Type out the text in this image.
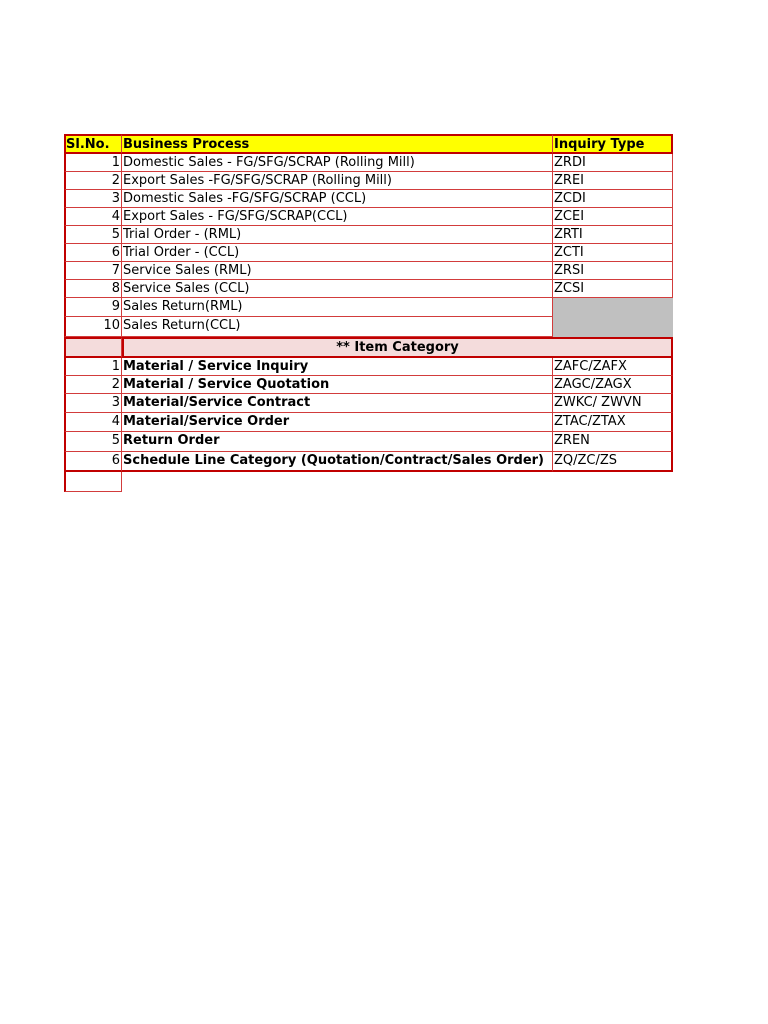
Sl.No.	Business Process	Inquiry Type
1 Domestic Sales - FG/SFG/SCRAP (Rolling Mill)	ZRDI
2 Export Sales -FG/SFG/SCRAP (Rolling Mill)	ZREI
3 Domestic Sales -FG/SFG/SCRAP (CCL)	ZCDI
4 Export Sales - FG/SFG/SCRAP(CCL)	ZCEI
5 Trial Order - (RML)	ZRTI
6 Trial Order - (CCL)	ZCTI
7 Service Sales (RML)	ZRSI
8 Service Sales (CCL)	ZCSI
9 Sales Return(RML)
10 Sales Return(CCL)
** Item Category
1 Material / Service Inquiry	ZAFC/ZAFX
2 Material / Service Quotation	ZAGC/ZAGX
3 Material/Service Contract	ZWKC/ ZWVN
4 Material/Service Order	ZTAC/ZTAX
5 Return Order	ZREN
6 Schedule Line Category (Quotation/Contract/Sales Order) ZQ/ZC/ZS
